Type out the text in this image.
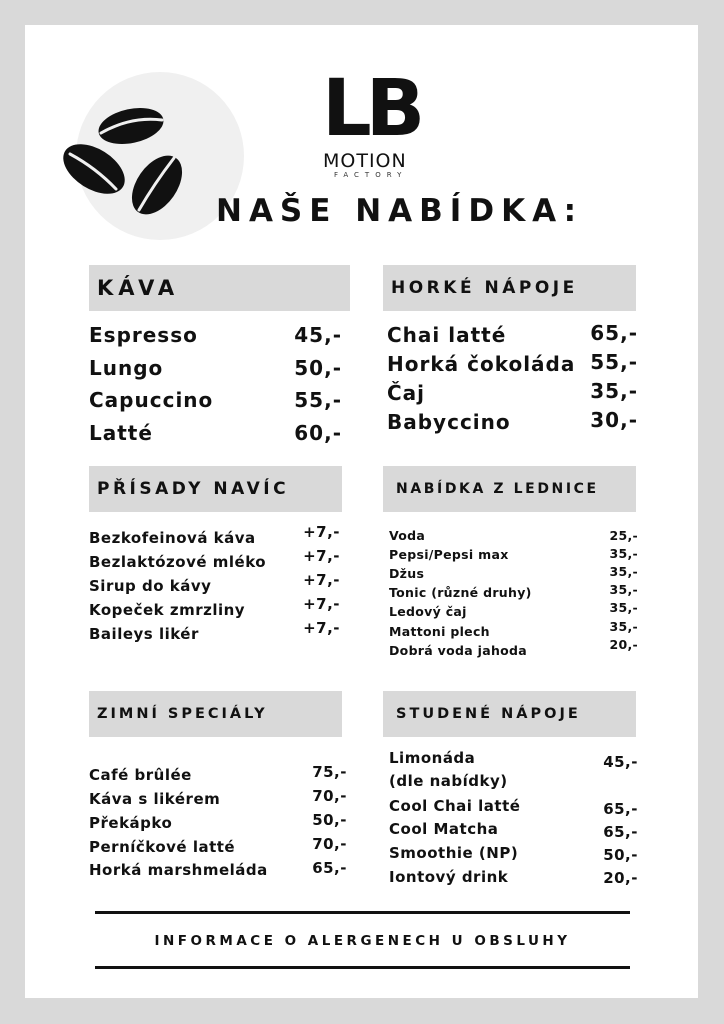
LB
MOTION
FACTORY
NAŠE NABÍDKA:
KÁVA
Espresso	45,-
Lungo	50,-
Capuccino	55,-
Latté	60,-
HORKÉ NÁPOJE
Chai latté	65,-
Horká čokoláda 55,-
Čaj	35,-
Babyccino	30,-
PŘÍSADY NAVÍC
Bezkofeinová káva	+7,-
Bezlaktózové mléko +7,-
Sirup do kávy	+7,-
Kopeček zmrzliny	+7,-
Baileys likér	+7,-
NABÍDKA Z LEDNICE
Voda	25,-
Pepsi/Pepsi max	35,-
Džus	35,-
Tonic (různé druhy)	35,-
Ledový čaj	35,-
Mattoni plech	35,-
Dobrá voda jahoda	20,-
ZIMNÍ SPECIÁLY
Café brûlée	75,-
Káva s likérem	70,-
Překápko	50,-
Perníčkové latté	70,-
Horká marshmeláda	65,-
STUDENÉ NÁPOJE
Limonáda	45,-
(dle nabídky)
Cool Chai latté	65,-
Cool Matcha	65,-
Smoothie (NP)	50,-
Iontový drink	20,-
INFORMACE O ALERGENECH U OBSLUHY
